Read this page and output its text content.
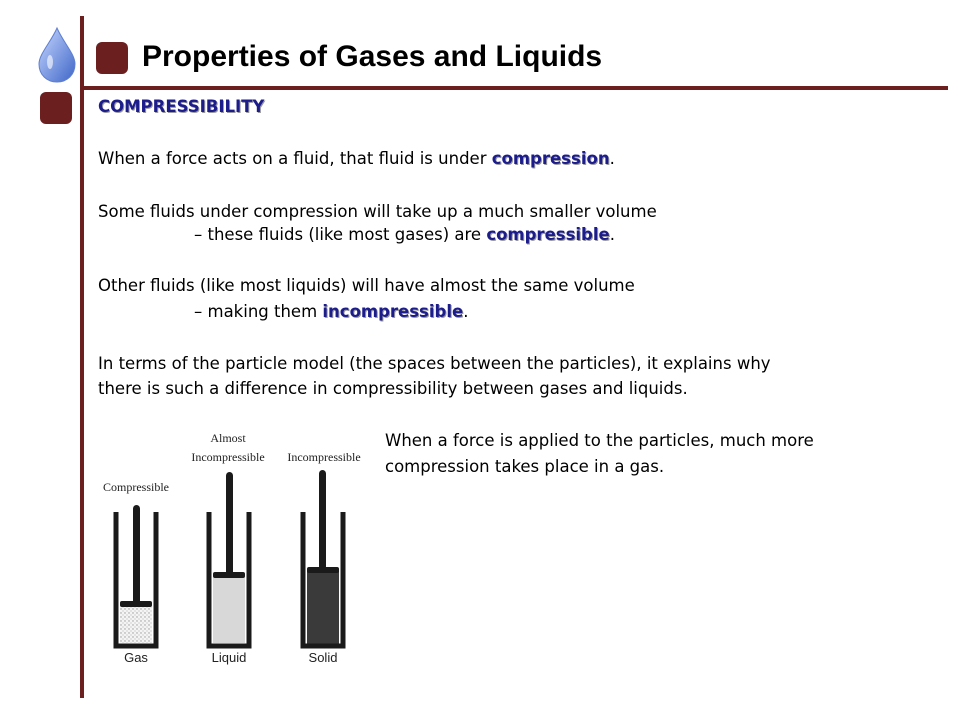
Properties of Gases and Liquids
COMPRESSIBILITY
When a force acts on a fluid, that fluid is under compression.
Some fluids under compression will take up a much smaller volume
– these fluids (like most gases) are compressible.
Other fluids (like most liquids) will have almost the same volume
– making them incompressible.
In terms of the particle model (the spaces between the particles), it explains why
there is such a difference in compressibility between gases and liquids.
When a force is applied to the particles, much more
compression takes place in a gas.
Compressible
Almost
Incompressible Incompressible
Gas	Liquid	Solid
